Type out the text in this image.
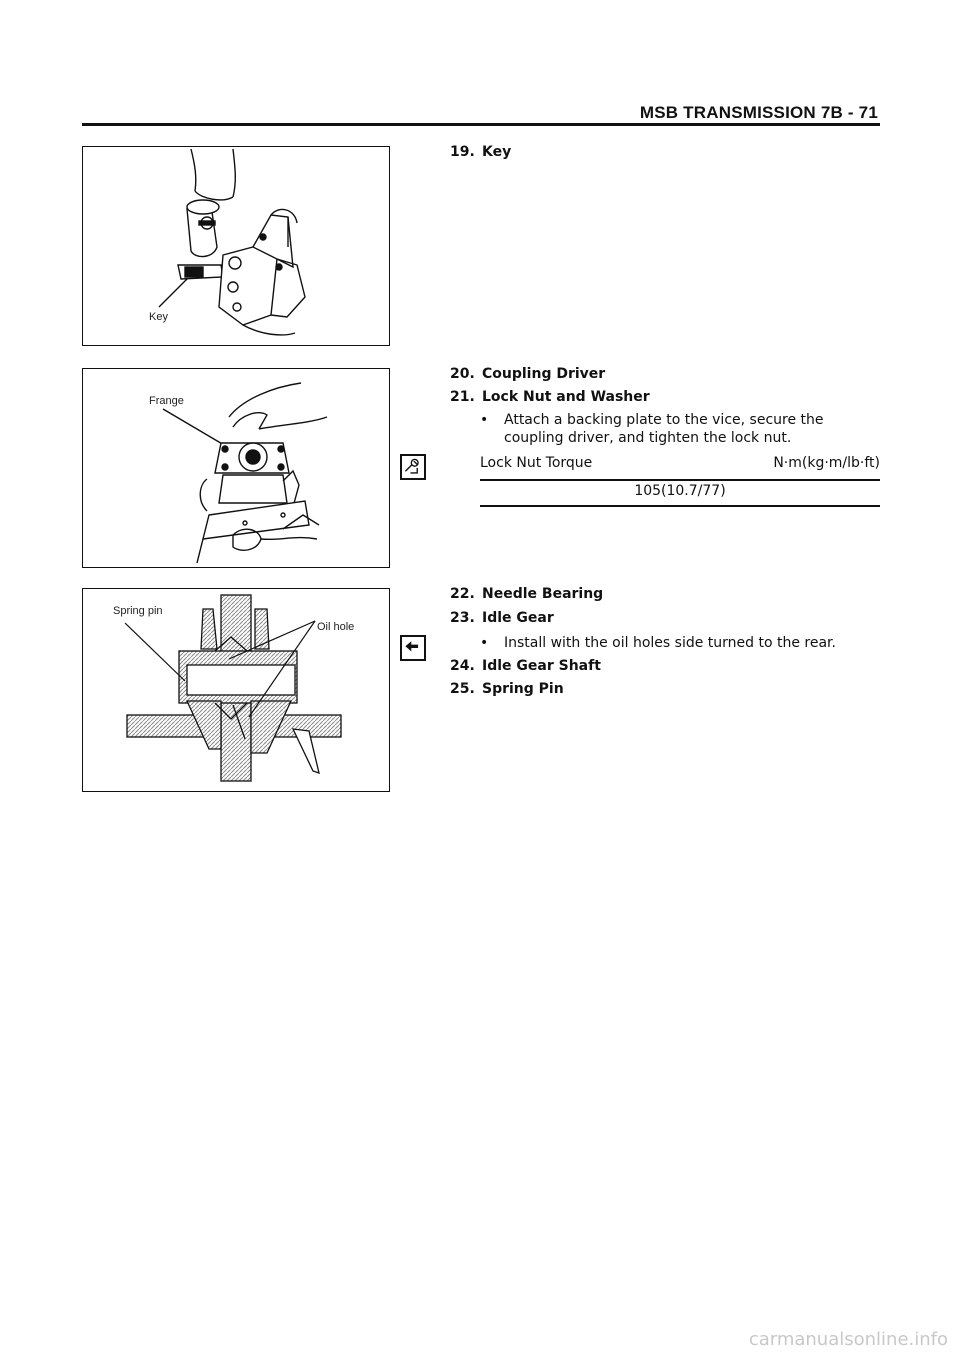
MSB TRANSMISSION 7B - 71
Key
Frange
Spring pin
Oil hole
19. Key
20. Coupling Driver
21. Lock Nut and Washer
• Attach a backing plate to the vice, secure the coupling driver, and tighten the lock nut.
Lock Nut Torque	N·m(kg·m/lb·ft)
105(10.7/77)
22. Needle Bearing
23. Idle Gear
• Install with the oil holes side turned to the rear.
24. Idle Gear Shaft
25. Spring Pin
carmanualsonline.info
